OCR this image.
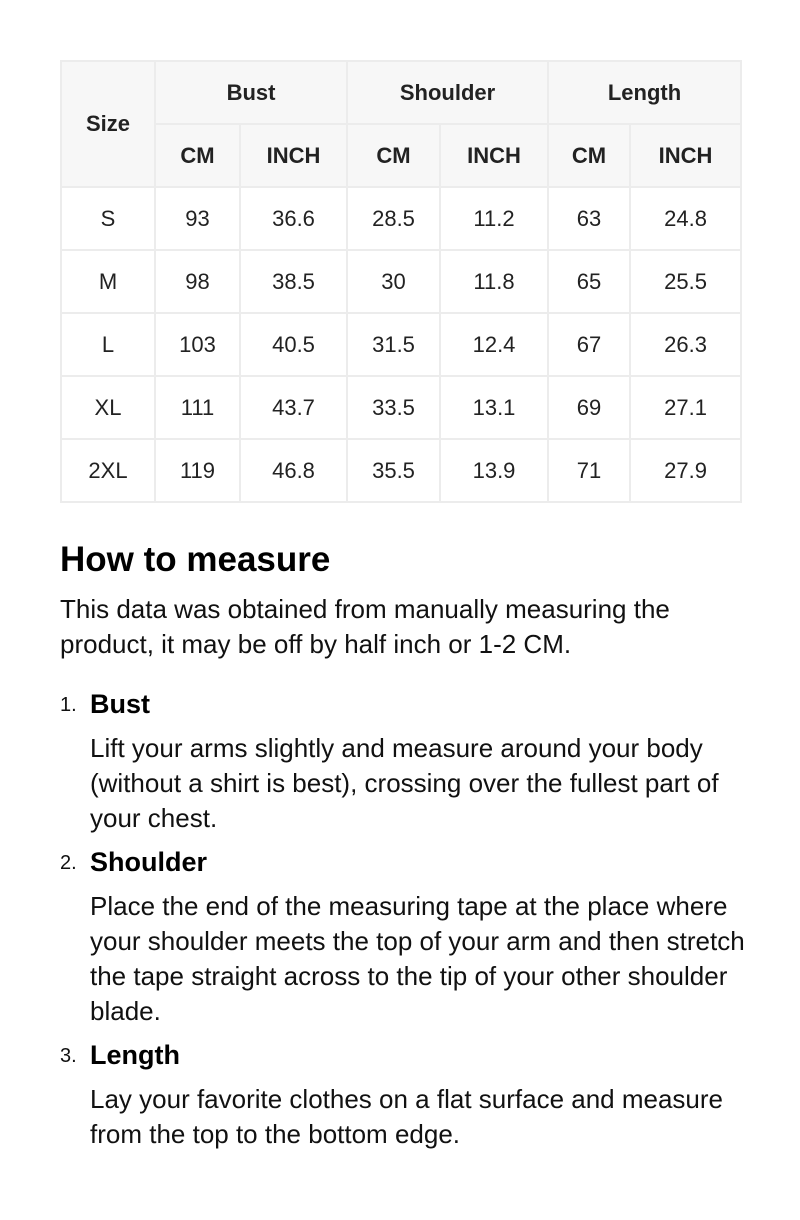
Size	Bust		Shoulder		Length	
	CM	INCH	CM	INCH	CM	INCH
S	93	36.6	28.5	11.2	63	24.8
M	98	38.5	30	11.8	65	25.5
L	103	40.5	31.5	12.4	67	26.3
XL	111	43.7	33.5	13.1	69	27.1
2XL	119	46.8	35.5	13.9	71	27.9
How to measure

This data was obtained from manually measuring the product, it may be off by half inch or 1-2 CM.

1. Bust
Lift your arms slightly and measure around your body (without a shirt is best), crossing over the fullest part of your chest.
2. Shoulder
Place the end of the measuring tape at the place where your shoulder meets the top of your arm and then stretch the tape straight across to the tip of your other shoulder blade.
3. Length
Lay your favorite clothes on a flat surface and measure from the top to the bottom edge.
